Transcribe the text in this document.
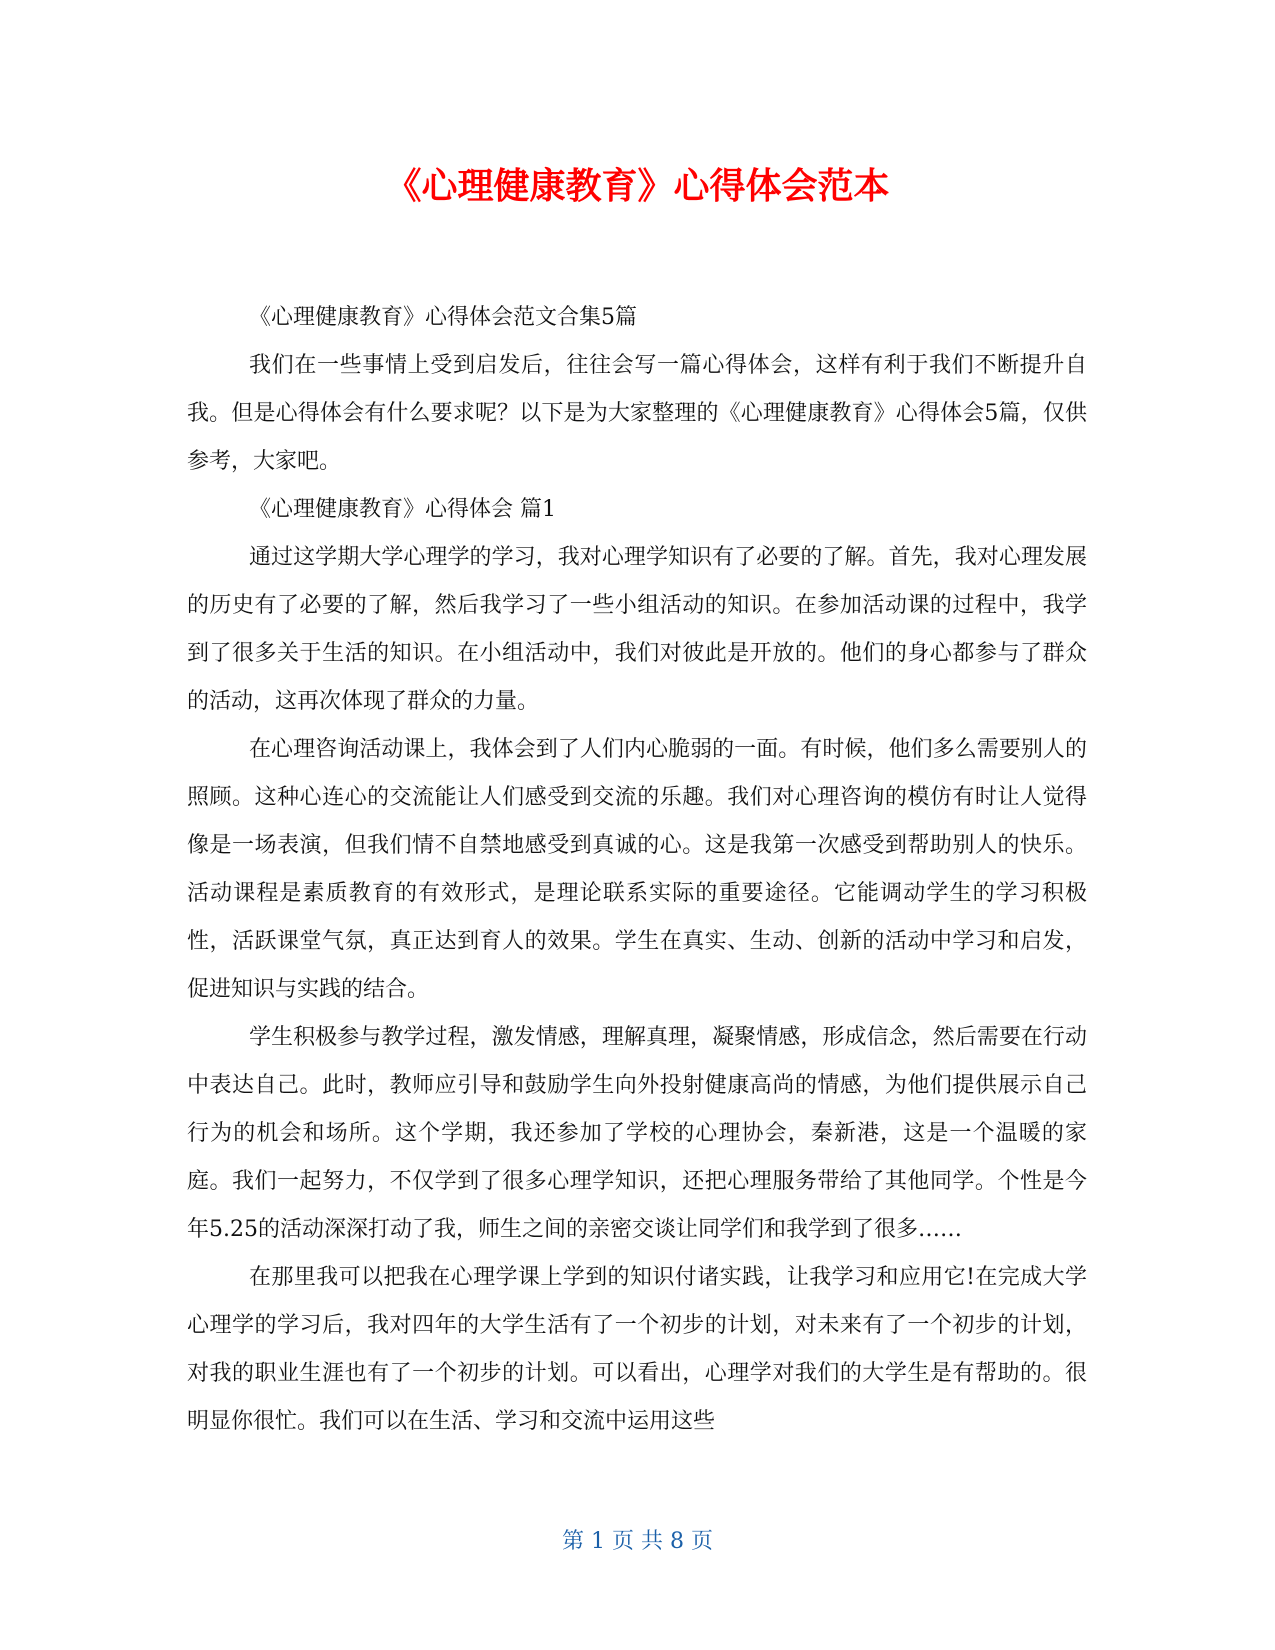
《心理健康教育》心得体会范本

《心理健康教育》心得体会范文合集5篇

我们在一些事情上受到启发后，往往会写一篇心得体会，这样有利于我们不断提升自我。但是心得体会有什么要求呢？以下是为大家整理的《心理健康教育》心得体会5篇，仅供参考，大家吧。

《心理健康教育》心得体会 篇1

通过这学期大学心理学的学习，我对心理学知识有了必要的了解。首先，我对心理发展的历史有了必要的了解，然后我学习了一些小组活动的知识。在参加活动课的过程中，我学到了很多关于生活的知识。在小组活动中，我们对彼此是开放的。他们的身心都参与了群众的活动，这再次体现了群众的力量。

在心理咨询活动课上，我体会到了人们内心脆弱的一面。有时候，他们多么需要别人的照顾。这种心连心的交流能让人们感受到交流的乐趣。我们对心理咨询的模仿有时让人觉得像是一场表演，但我们情不自禁地感受到真诚的心。这是我第一次感受到帮助别人的快乐。活动课程是素质教育的有效形式，是理论联系实际的重要途径。它能调动学生的学习积极性，活跃课堂气氛，真正达到育人的效果。学生在真实、生动、创新的活动中学习和启发，促进知识与实践的结合。

学生积极参与教学过程，激发情感，理解真理，凝聚情感，形成信念，然后需要在行动中表达自己。此时，教师应引导和鼓励学生向外投射健康高尚的情感，为他们提供展示自己行为的机会和场所。这个学期，我还参加了学校的心理协会，秦新港，这是一个温暖的家庭。我们一起努力，不仅学到了很多心理学知识，还把心理服务带给了其他同学。个性是今年5.25的活动深深打动了我，师生之间的亲密交谈让同学们和我学到了很多……

在那里我可以把我在心理学课上学到的知识付诸实践，让我学习和应用它!在完成大学心理学的学习后，我对四年的大学生活有了一个初步的计划，对未来有了一个初步的计划，对我的职业生涯也有了一个初步的计划。可以看出，心理学对我们的大学生是有帮助的。很明显你很忙。我们可以在生活、学习和交流中运用这些

第 1 页 共 8 页
